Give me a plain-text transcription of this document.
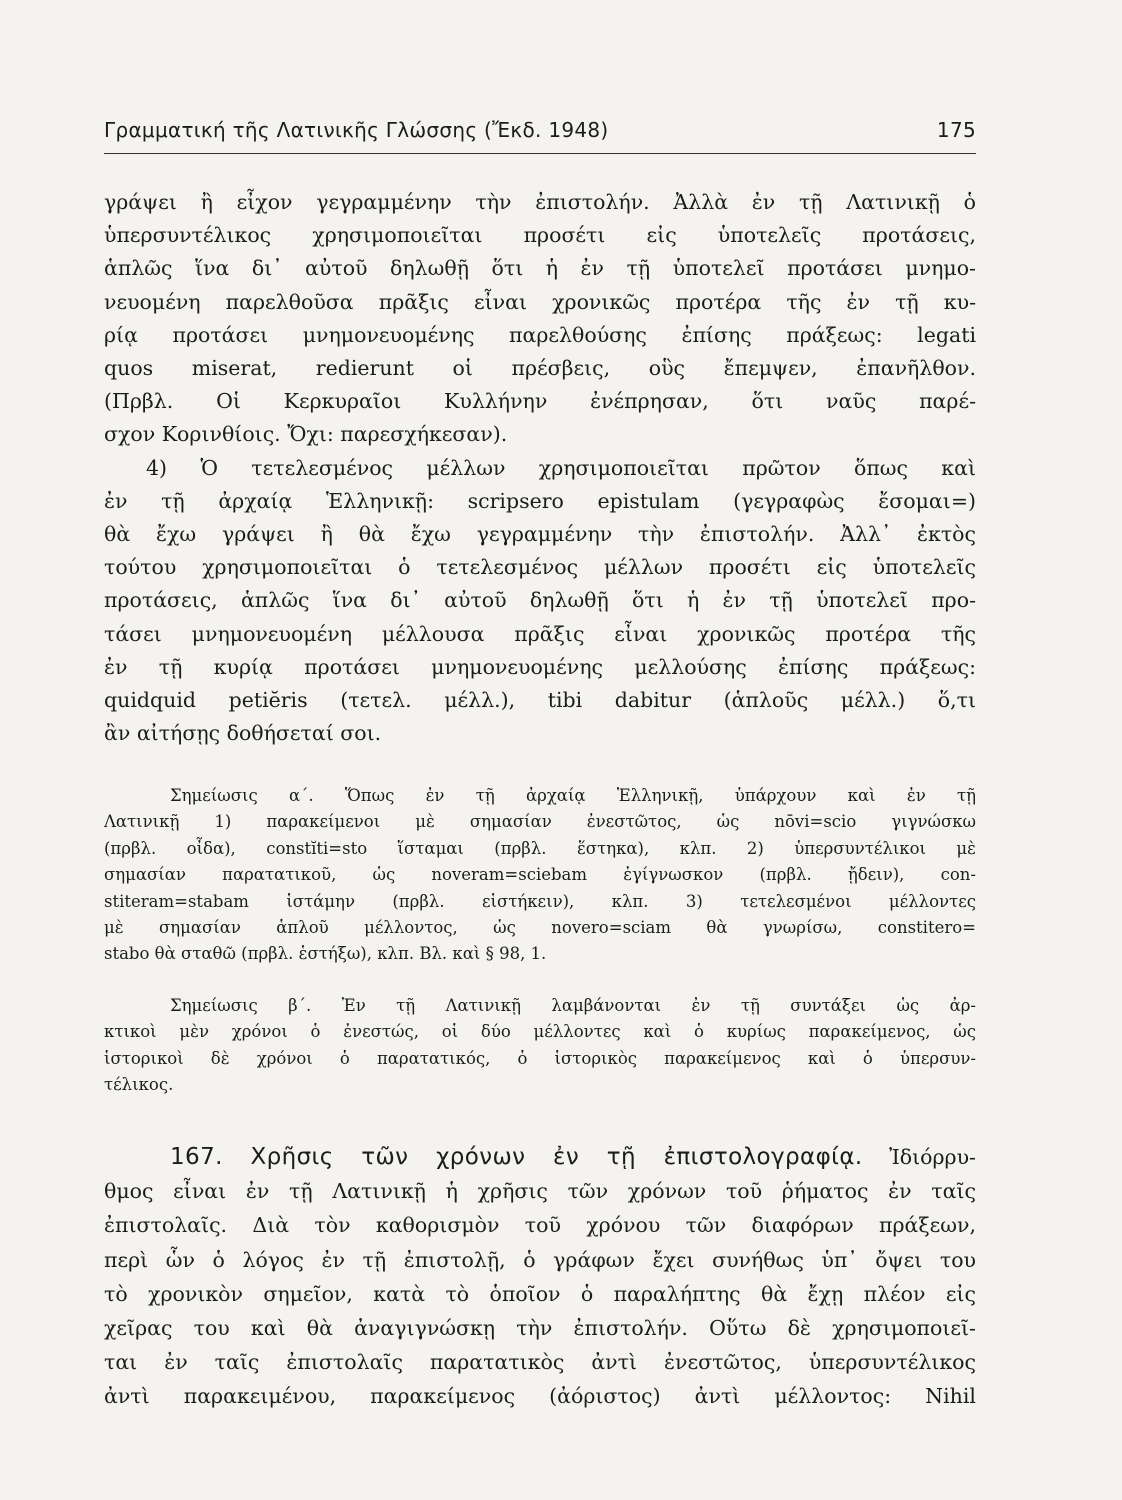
Γραμματική τῆς Λατινικῆς Γλώσσης (Ἔκδ. 1948)	175
γράψει ἢ εἶχον γεγραμμένην τὴν ἐπιστολήν. Ἀλλὰ ἐν τῇ Λατινικῇ ὁ
ὑπερσυντέλικος χρησιμοποιεῖται προσέτι εἰς ὑποτελεῖς προτάσεις,
ἁπλῶς ἵνα δι᾿ αὐτοῦ δηλωθῇ ὅτι ἡ ἐν τῇ ὑποτελεῖ προτάσει μνημο-
νευομένη παρελθοῦσα πρᾶξις εἶναι χρονικῶς προτέρα τῆς ἐν τῇ κυ-
ρίᾳ προτάσει μνημονευομένης παρελθούσης ἐπίσης πράξεως: legati
quos miserat, redierunt οἱ πρέσβεις, οὓς ἔπεμψεν, ἐπανῆλθον.
(Πρβλ. Οἱ Κερκυραῖοι Κυλλήνην ἐνέπρησαν, ὅτι ναῦς παρέ-
σχον Κορινθίοις. Ὄχι: παρεσχήκεσαν).
4) Ὁ τετελεσμένος μέλλων χρησιμοποιεῖται πρῶτον ὅπως καὶ
ἐν τῇ ἀρχαίᾳ Ἑλληνικῇ: scripsero epistulam (γεγραφὼς ἔσομαι=)
θὰ ἔχω γράψει ἢ θὰ ἔχω γεγραμμένην τὴν ἐπιστολήν. Ἀλλ᾿ ἐκτὸς
τούτου χρησιμοποιεῖται ὁ τετελεσμένος μέλλων προσέτι εἰς ὑποτελεῖς
προτάσεις, ἁπλῶς ἵνα δι᾿ αὐτοῦ δηλωθῇ ὅτι ἡ ἐν τῇ ὑποτελεῖ προ-
τάσει μνημονευομένη μέλλουσα πρᾶξις εἶναι χρονικῶς προτέρα τῆς
ἐν τῇ κυρίᾳ προτάσει μνημονευομένης μελλούσης ἐπίσης πράξεως:
quidquid petiĕris (τετελ. μέλλ.), tibi dabitur (ἁπλοῦς μέλλ.) ὅ,τι
ἂν αἰτήσῃς δοθήσεταί σοι.
Σημείωσις α΄. Ὅπως ἐν τῇ ἀρχαίᾳ Ἑλληνικῇ, ὑπάρχουν καὶ ἐν τῇ
Λατινικῇ 1) παρακείμενοι μὲ σημασίαν ἐνεστῶτος, ὡς nōvi=scio γιγνώσκω
(πρβλ. οἶδα), constĭti=sto ἵσταμαι (πρβλ. ἕστηκα), κλπ. 2) ὑπερσυντέλικοι μὲ
σημασίαν παρατατικοῦ, ὡς noveram=sciebam ἐγίγνωσκον (πρβλ. ᾔδειν), con-
stiteram=stabam ἱστάμην (πρβλ. εἱστήκειν), κλπ. 3) τετελεσμένοι μέλλοντες
μὲ σημασίαν ἁπλοῦ μέλλοντος, ὡς novero=sciam θὰ γνωρίσω, constitero=
stabo θὰ σταθῶ (πρβλ. ἑστήξω), κλπ. Βλ. καὶ § 98, 1.
Σημείωσις β΄. Ἐν τῇ Λατινικῇ λαμβάνονται ἐν τῇ συντάξει ὡς ἀρ-
κτικοὶ μὲν χρόνοι ὁ ἐνεστώς, οἱ δύο μέλλοντες καὶ ὁ κυρίως παρακείμενος, ὡς
ἱστορικοὶ δὲ χρόνοι ὁ παρατατικός, ὁ ἱστορικὸς παρακείμενος καὶ ὁ ὑπερσυν-
τέλικος.
167. Χρῆσις τῶν χρόνων ἐν τῇ ἐπιστολογραφίᾳ. Ἰδιόρρυ-
θμος εἶναι ἐν τῇ Λατινικῇ ἡ χρῆσις τῶν χρόνων τοῦ ῥήματος ἐν ταῖς
ἐπιστολαῖς. Διὰ τὸν καθορισμὸν τοῦ χρόνου τῶν διαφόρων πράξεων,
περὶ ὧν ὁ λόγος ἐν τῇ ἐπιστολῇ, ὁ γράφων ἔχει συνήθως ὑπ᾿ ὄψει του
τὸ χρονικὸν σημεῖον, κατὰ τὸ ὁποῖον ὁ παραλήπτης θὰ ἔχῃ πλέον εἰς
χεῖρας του καὶ θὰ ἀναγιγνώσκῃ τὴν ἐπιστολήν. Οὕτω δὲ χρησιμοποιεῖ-
ται ἐν ταῖς ἐπιστολαῖς παρατατικὸς ἀντὶ ἐνεστῶτος, ὑπερσυντέλικος
ἀντὶ παρακειμένου, παρακείμενος (ἀόριστος) ἀντὶ μέλλοντος: Nihil
